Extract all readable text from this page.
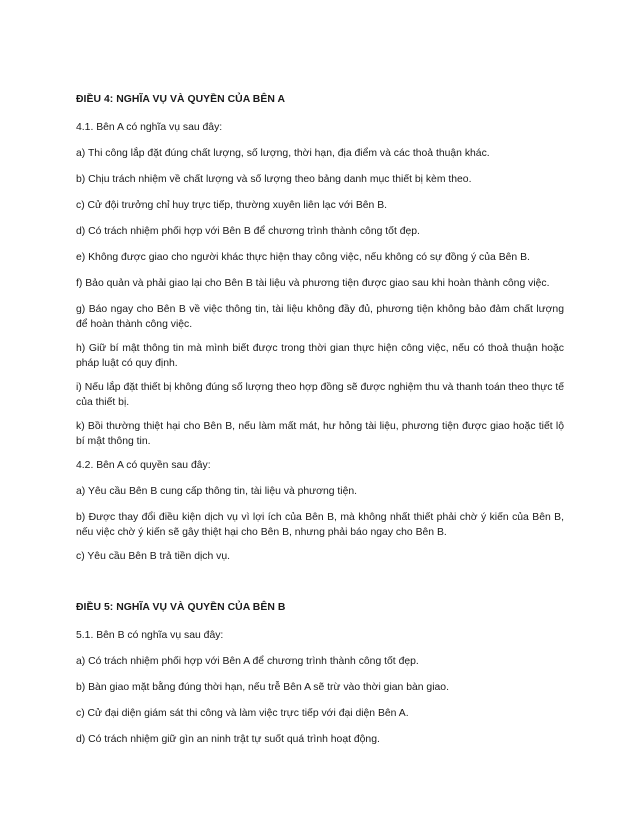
ĐIỀU 4: NGHĨA VỤ VÀ QUYỀN CỦA BÊN A

4.1. Bên A có nghĩa vụ sau đây:

a) Thi công lắp đặt đúng chất lượng, số lượng, thời hạn, địa điểm và các thoả thuận khác.

b) Chịu trách nhiệm về chất lượng và số lượng theo bảng danh mục thiết bị kèm theo.

c) Cử đội trưởng chỉ huy trực tiếp, thường xuyên liên lạc với Bên B.

d) Có trách nhiệm phối hợp với Bên B để chương trình thành công tốt đẹp.

e) Không được giao cho người khác thực hiện thay công việc, nếu không có sự đồng ý của Bên B.

f) Bảo quản và phải giao lại cho Bên B tài liệu và phương tiện được giao sau khi hoàn thành công việc.

g) Báo ngay cho Bên B về việc thông tin, tài liệu không đầy đủ, phương tiện không bảo đảm chất lượng để hoàn thành công việc.

h) Giữ bí mật thông tin mà mình biết được trong thời gian thực hiện công việc, nếu có thoả thuận hoặc pháp luật có quy định.

i) Nếu lắp đặt thiết bị không đúng số lượng theo hợp đồng sẽ được nghiệm thu và thanh toán theo thực tế của thiết bị.

k) Bồi thường thiệt hại cho Bên B, nếu làm mất mát, hư hỏng tài liệu, phương tiện được giao hoặc tiết lộ bí mật thông tin.

4.2. Bên A có quyền sau đây:

a) Yêu cầu Bên B cung cấp thông tin, tài liệu và phương tiện.

b) Được thay đổi điều kiện dịch vụ vì lợi ích của Bên B, mà không nhất thiết phải chờ ý kiến của Bên B, nếu việc chờ ý kiến sẽ gây thiệt hại cho Bên B, nhưng phải báo ngay cho Bên B.

c) Yêu cầu Bên B trả tiền dịch vụ.

ĐIỀU 5: NGHĨA VỤ VÀ QUYỀN CỦA BÊN B

5.1. Bên B có nghĩa vụ sau đây:

a) Có trách nhiệm phối hợp với Bên A để chương trình thành công tốt đẹp.

b) Bàn giao mặt bằng đúng thời hạn, nếu trễ Bên A sẽ trừ vào thời gian bàn giao.

c) Cử đại diện giám sát thi công và làm việc trực tiếp với đại diện Bên A.

d) Có trách nhiệm giữ gìn an ninh trật tự suốt quá trình hoạt động.
